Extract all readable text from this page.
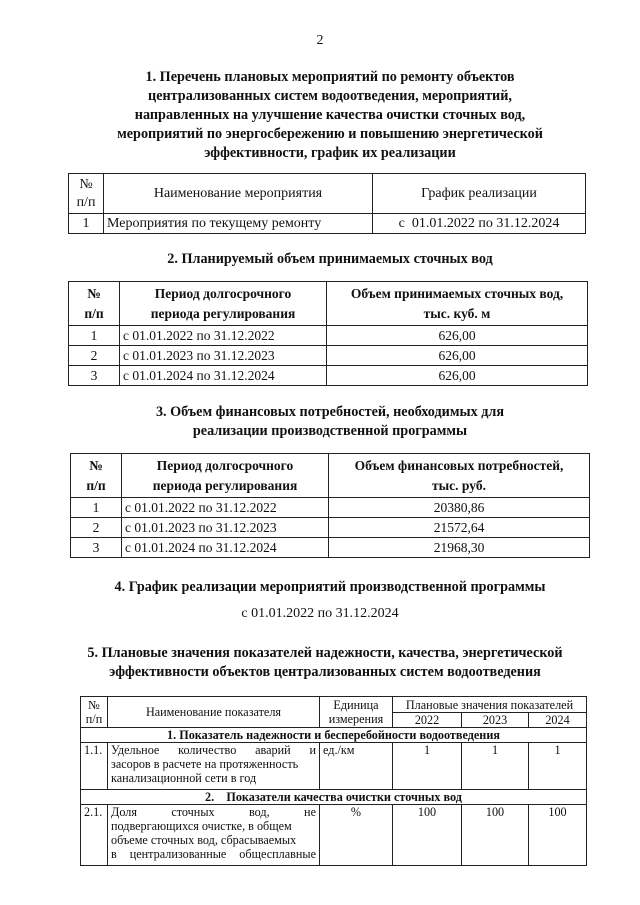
2
1. Перечень плановых мероприятий по ремонту объектов
централизованных систем водоотведения, мероприятий,
направленных на улучшение качества очистки сточных вод,
мероприятий по энергосбережению и повышению энергетической
эффективности, график их реализации
№
п/п	Наименование мероприятия	График реализации
1	Мероприятия по текущему ремонту	с  01.01.2022 по 31.12.2024
2. Планируемый объем принимаемых сточных вод
№
п/п	Период долгосрочного
периода регулирования	Объем принимаемых сточных вод,
тыс. куб. м
1	с 01.01.2022 по 31.12.2022	626,00
2	с 01.01.2023 по 31.12.2023	626,00
3	с 01.01.2024 по 31.12.2024	626,00
3. Объем финансовых потребностей, необходимых для
реализации производственной программы
№
п/п	Период долгосрочного
периода регулирования	Объем финансовых потребностей,
тыс. руб.
1	с 01.01.2022 по 31.12.2022	20380,86
2	с 01.01.2023 по 31.12.2023	21572,64
3	с 01.01.2024 по 31.12.2024	21968,30
4. График реализации мероприятий производственной программы
с 01.01.2022 по 31.12.2024
5. Плановые значения показателей надежности, качества, энергетической
эффективности объектов централизованных систем водоотведения
№
п/п	Наименование показателя	Единица
измерения	Плановые значения показателей		
			2022	2023	2024
1. Показатель надежности и бесперебойности водоотведения					
1.1.	Удельное количество аварий и
засоров в расчете на протяженность
канализационной сети в год	ед./км	1	1	1
2.    Показатели качества очистки сточных вод					
2.1.	Доля сточных вод, не
подвергающихся очистке, в общем
объеме сточных вод, сбрасываемых
в централизованные общесплавные	%	100	100	100
